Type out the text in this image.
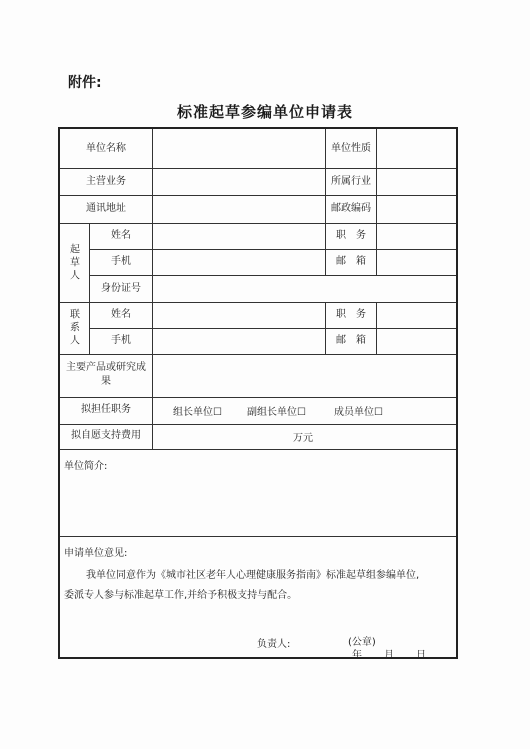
附件:
标准起草参编单位申请表
单位名称	单位性质
主营业务	所属行业
通讯地址	邮政编码
起草人
姓名	职　务
手机	邮　箱
身份证号
联系人
姓名	职　务
手机	邮　箱
主要产品或研究成果
拟担任职务	组长单位☐	副组长单位☐	成员单位☐
拟自愿支持费用	万元
单位简介:
申请单位意见:
我单位同意作为《城市社区老年人心理健康服务指南》标准起草组参编单位,
委派专人参与标准起草工作,并给予积极支持与配合。
负责人:	(公章)
年 月 日
